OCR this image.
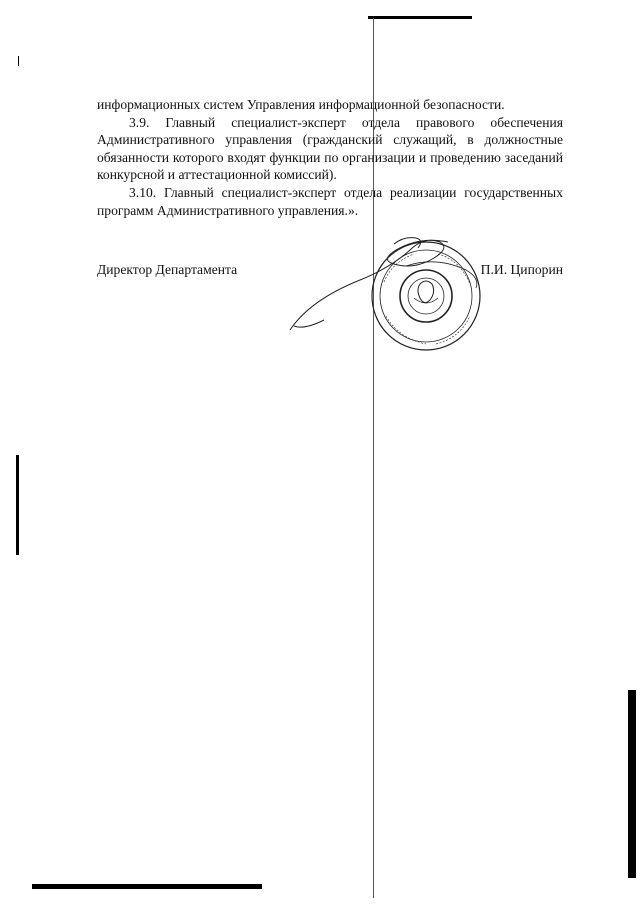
информационных систем Управления информационной безопасности.

3.9. Главный специалист-эксперт отдела правового обеспечения Административного управления (гражданский служащий, в должностные обязанности которого входят функции по организации и проведению заседаний конкурсной и аттестационной комиссий).

3.10. Главный специалист-эксперт отдела реализации государственных программ Административного управления.».

Директор Департамента	П.И. Ципорин
